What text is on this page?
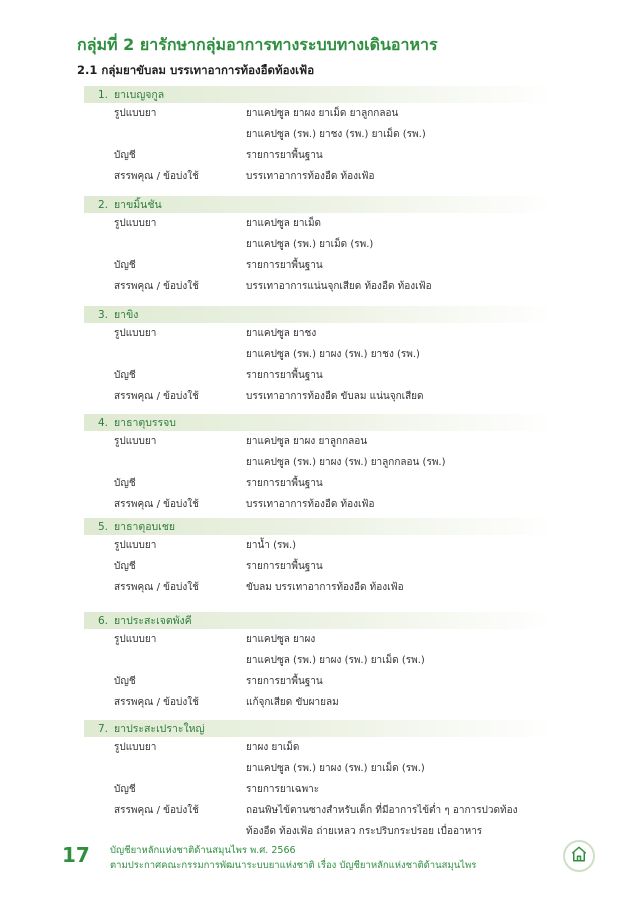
กลุ่มที่ 2 ยารักษากลุ่มอาการทางระบบทางเดินอาหาร
2.1 กลุ่มยาขับลม บรรเทาอาการท้องอืดท้องเฟ้อ
1. ยาเบญจกูล
รูปแบบยา	ยาแคปซูล ยาผง ยาเม็ด ยาลูกกลอน
ยาแคปซูล (รพ.) ยาชง (รพ.) ยาเม็ด (รพ.)
บัญชี	รายการยาพื้นฐาน
สรรพคุณ / ข้อบ่งใช้	บรรเทาอาการท้องอืด ท้องเฟ้อ
2. ยาขมิ้นชัน
รูปแบบยา	ยาแคปซูล ยาเม็ด
ยาแคปซูล (รพ.) ยาเม็ด (รพ.)
บัญชี	รายการยาพื้นฐาน
สรรพคุณ / ข้อบ่งใช้	บรรเทาอาการแน่นจุกเสียด ท้องอืด ท้องเฟ้อ
3. ยาขิง
รูปแบบยา	ยาแคปซูล ยาชง
ยาแคปซูล (รพ.) ยาผง (รพ.) ยาชง (รพ.)
บัญชี	รายการยาพื้นฐาน
สรรพคุณ / ข้อบ่งใช้	บรรเทาอาการท้องอืด ขับลม แน่นจุกเสียด
4. ยาธาตุบรรจบ
รูปแบบยา	ยาแคปซูล ยาผง ยาลูกกลอน
ยาแคปซูล (รพ.) ยาผง (รพ.) ยาลูกกลอน (รพ.)
บัญชี	รายการยาพื้นฐาน
สรรพคุณ / ข้อบ่งใช้	บรรเทาอาการท้องอืด ท้องเฟ้อ
5. ยาธาตุอบเชย
รูปแบบยา	ยาน้ำ (รพ.)
บัญชี	รายการยาพื้นฐาน
สรรพคุณ / ข้อบ่งใช้	ขับลม บรรเทาอาการท้องอืด ท้องเฟ้อ
6. ยาประสะเจตพังคี
รูปแบบยา	ยาแคปซูล ยาผง
ยาแคปซูล (รพ.) ยาผง (รพ.) ยาเม็ด (รพ.)
บัญชี	รายการยาพื้นฐาน
สรรพคุณ / ข้อบ่งใช้	แก้จุกเสียด ขับผายลม
7. ยาประสะเปราะใหญ่
รูปแบบยา	ยาผง ยาเม็ด
ยาแคปซูล (รพ.) ยาผง (รพ.) ยาเม็ด (รพ.)
บัญชี	รายการยาเฉพาะ
สรรพคุณ / ข้อบ่งใช้	ถอนพิษไข้ตานซางสำหรับเด็ก ที่มีอาการไข้ต่ำ ๆ อาการปวดท้อง
ท้องอืด ท้องเฟ้อ ถ่ายเหลว กระปริบกระปรอย เบื่ออาหาร
17 บัญชียาหลักแห่งชาติด้านสมุนไพร พ.ศ. 2566
ตามประกาศคณะกรรมการพัฒนาระบบยาแห่งชาติ เรื่อง บัญชียาหลักแห่งชาติด้านสมุนไพร
